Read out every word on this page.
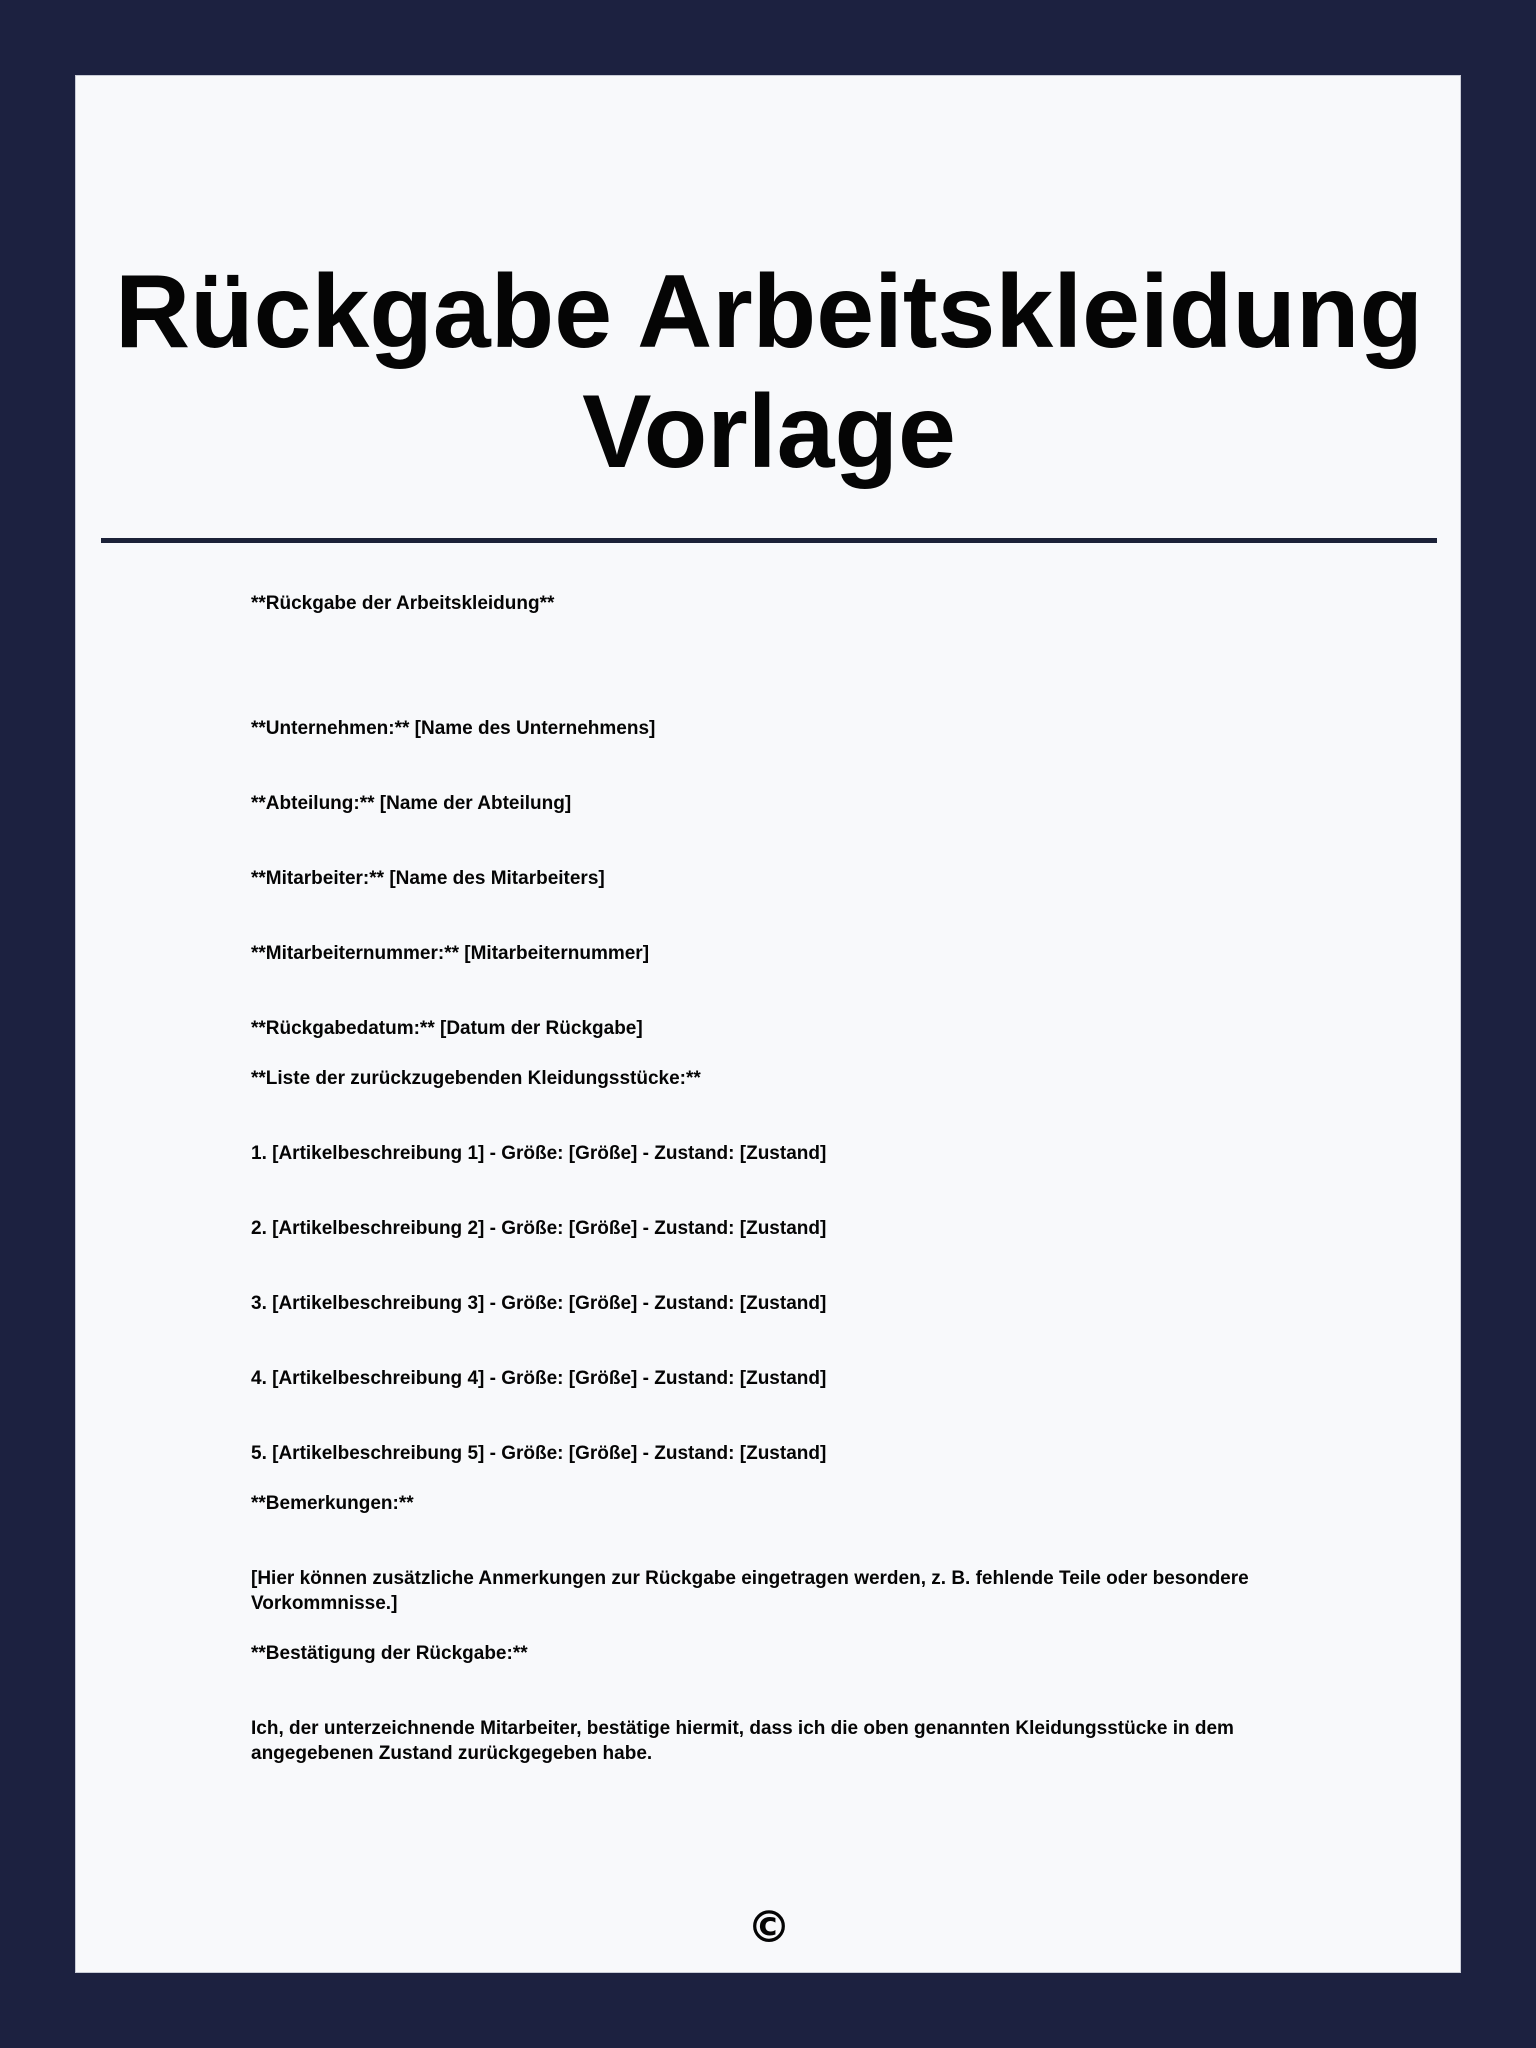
Rückgabe Arbeitskleidung
Vorlage

**Rückgabe der Arbeitskleidung**

**Unternehmen:** [Name des Unternehmens]

**Abteilung:** [Name der Abteilung]

**Mitarbeiter:** [Name des Mitarbeiters]

**Mitarbeiternummer:** [Mitarbeiternummer]

**Rückgabedatum:** [Datum der Rückgabe]

**Liste der zurückzugebenden Kleidungsstücke:**

1. [Artikelbeschreibung 1] - Größe: [Größe] - Zustand: [Zustand]

2. [Artikelbeschreibung 2] - Größe: [Größe] - Zustand: [Zustand]

3. [Artikelbeschreibung 3] - Größe: [Größe] - Zustand: [Zustand]

4. [Artikelbeschreibung 4] - Größe: [Größe] - Zustand: [Zustand]

5. [Artikelbeschreibung 5] - Größe: [Größe] - Zustand: [Zustand]

**Bemerkungen:**

[Hier können zusätzliche Anmerkungen zur Rückgabe eingetragen werden, z. B. fehlende Teile oder besondere Vorkommnisse.]

**Bestätigung der Rückgabe:**

Ich, der unterzeichnende Mitarbeiter, bestätige hiermit, dass ich die oben genannten Kleidungsstücke in dem angegebenen Zustand zurückgegeben habe.

©
